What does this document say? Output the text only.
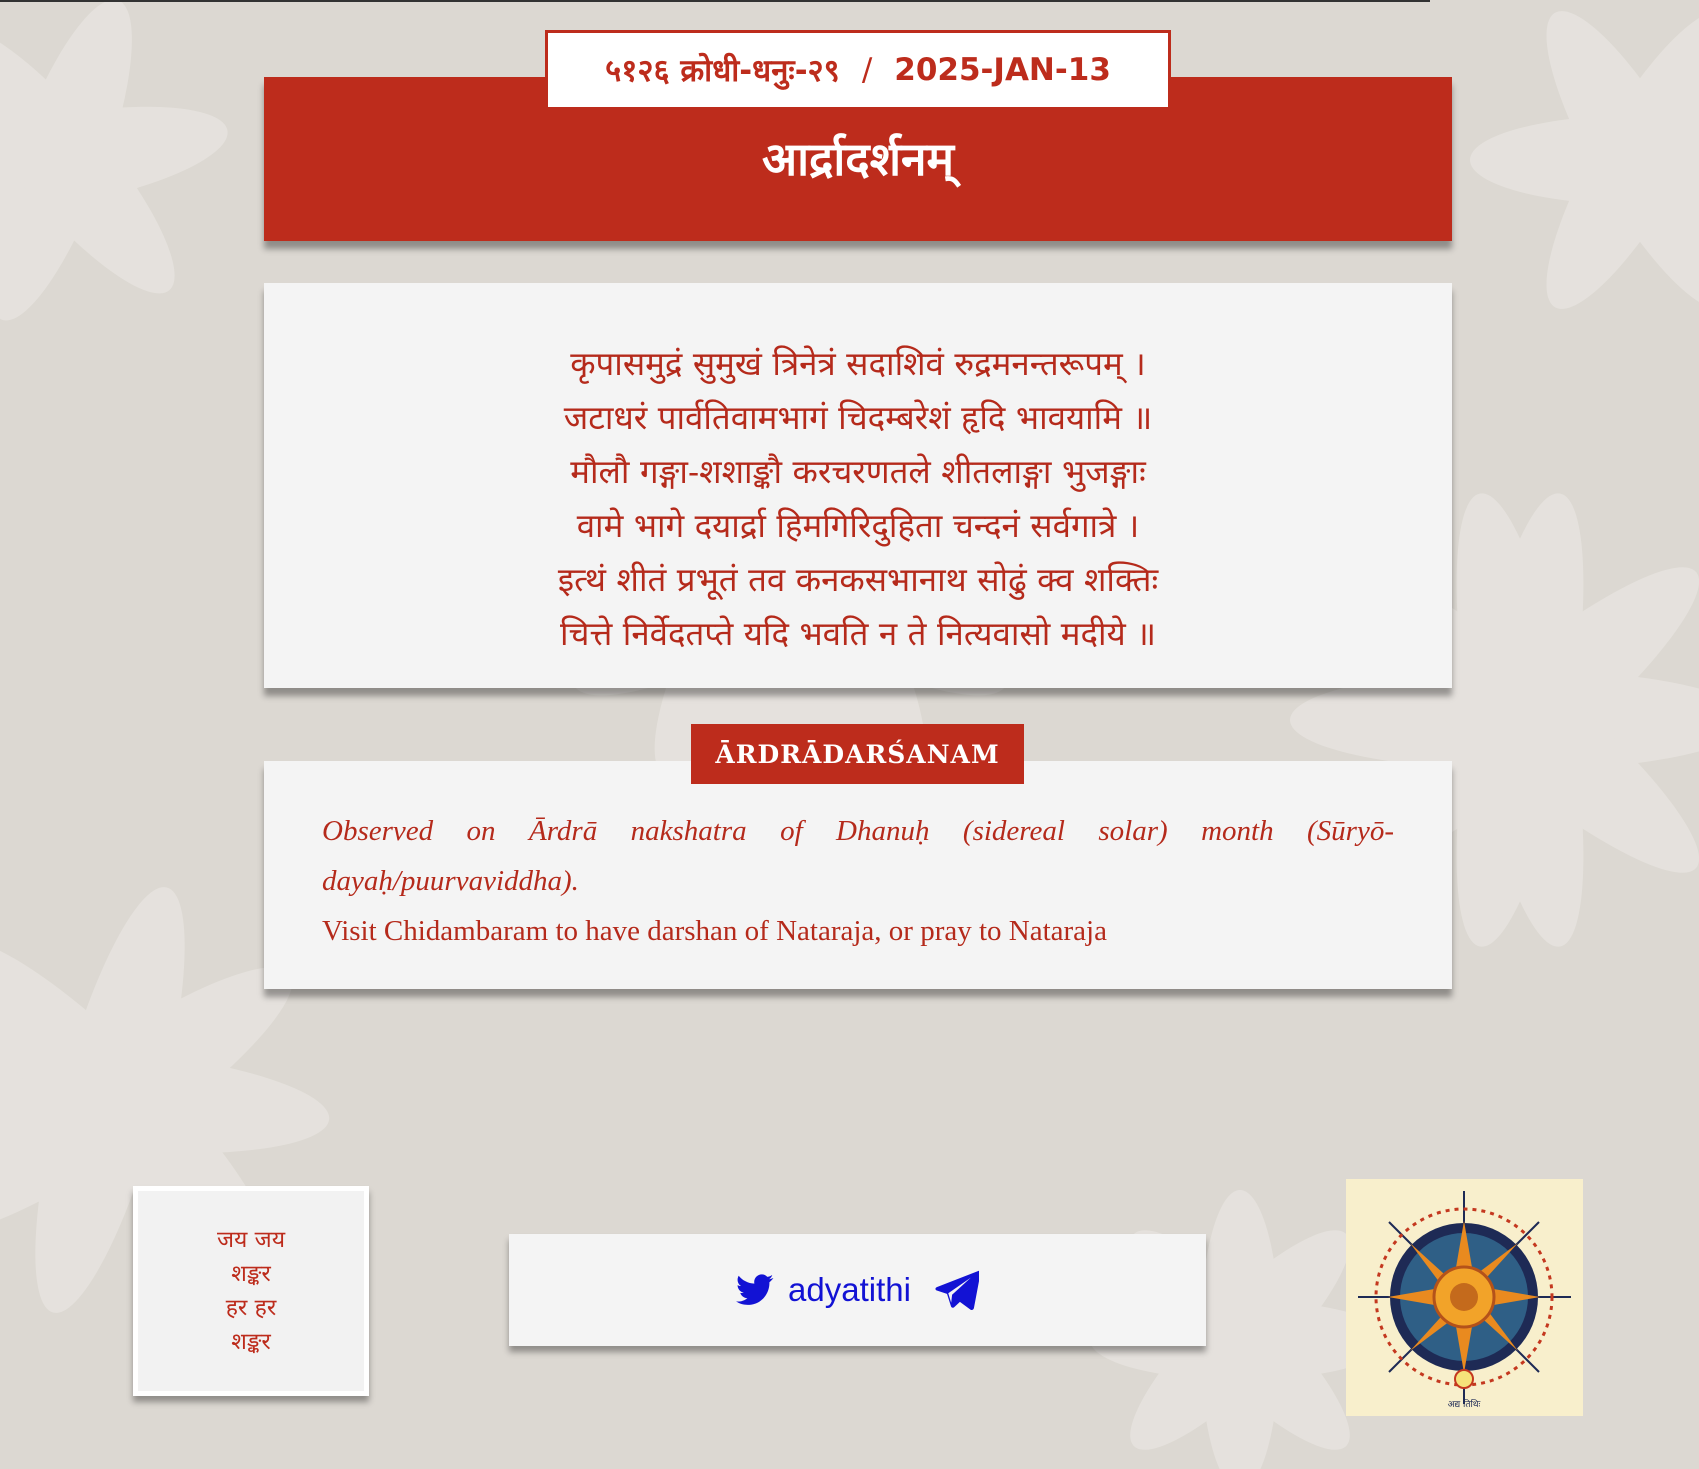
आर्द्रादर्शनम्
५१२६ क्रोधी-धनुः-२९ / 2025-JAN-13
कृपासमुद्रं सुमुखं त्रिनेत्रं सदाशिवं रुद्रमनन्तरूपम् ।
जटाधरं पार्वतिवामभागं चिदम्बरेशं हृदि भावयामि ॥
मौलौ गङ्गा-शशाङ्कौ करचरणतले शीतलाङ्गा भुजङ्गाः
वामे भागे दयार्द्रा हिमगिरिदुहिता चन्दनं सर्वगात्रे ।
इत्थं शीतं प्रभूतं तव कनकसभानाथ सोढुं क्व शक्तिः
चित्ते निर्वेदतप्ते यदि भवति न ते नित्यवासो मदीये ॥
ĀRDRĀDARŚANAM
Observed on Ārdrā nakshatra of Dhanuḥ (sidereal solar) month (Sūryō-dayaḥ/puurvaviddha).
Visit Chidambaram to have darshan of Nataraja, or pray to Nataraja
जय जय
शङ्कर
हर हर
शङ्कर
adyatithi
अद्य तिथिः
